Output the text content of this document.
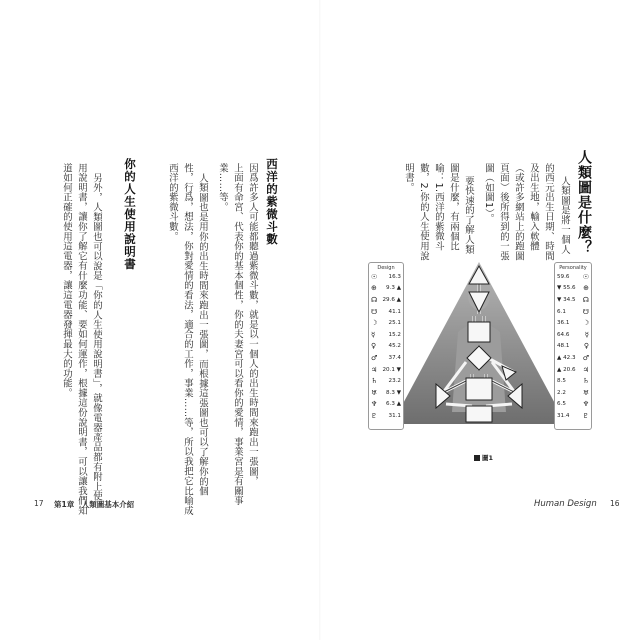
西洋的紫微斗數
因爲許多人可能都聽過紫微斗數，就是以一個人的出生時間來跑出一張圖，
上面有命宮、代表你的基本個性，你的夫妻宮可以看你的愛情，事業宮是有關事
業……等。
人類圖也是用你的出生時間來跑出一張圖，而根據這張圖也可以了解你的個
性，行爲，想法，你對愛情的看法，適合的工作，事業……等，所以我把它比喻成
西洋的紫微斗數。
你的人生使用說明書
另外，人類圖也可以說是「你的人生使用說明書」，就像電器產品都有附上使
用說明書，讓你了解它有什麼功能、要如何運作，根據這份說明書，可以讓我們知
道如何正確的使用這電器，讓這電器發揮最大的功能。
17 第1章　人類圖基本介紹
人類圖是什麼？
人類圖是將一個人
的西元出生日期、時間
及出生地，輸入軟體
（或許多網站上的跑圖
頁面）後所得到的一張
圖（如圖1）。
要快速的了解人類
圖是什麼，有兩個比
喻：1.西洋的紫微斗
數，2.你的人生使用說
明書。
Human Design 16
Design
☉ 16.3
⊕ 9.3 ▲
☊ 29.6 ▲
☋ 41.1
☽ 25.1
☿ 15.2
♀ 45.2
♂ 37.4
♃ 20.1 ▼
♄ 23.2
♅ 8.3 ▼
♆ 6.3 ▲
♇ 31.1
Personality
59.6 ☉
▼ 55.6 ⊕
▼ 34.5 ☊
6.1 ☋
36.1 ☽
64.6 ☿
48.1 ♀
▲ 42.3 ♂
▲ 20.6 ♃
8.5 ♄
2.2 ♅
6.5 ♆
31.4 ♇
圖1
